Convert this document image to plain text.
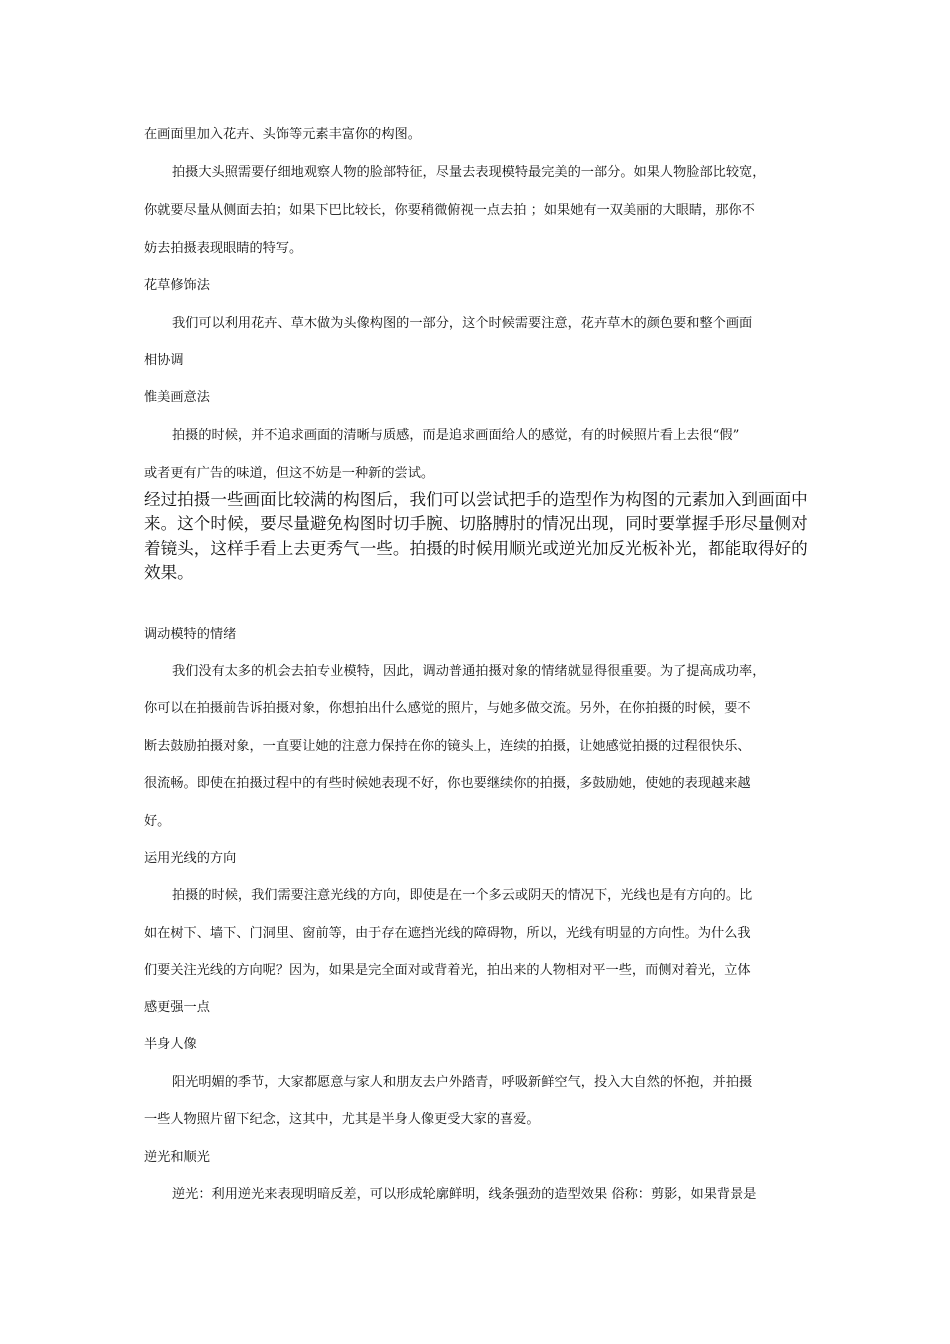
在画面里加入花卉、头饰等元素丰富你的构图。
拍摄大头照需要仔细地观察人物的脸部特征，尽量去表现模特最完美的一部分。如果人物脸部比较宽，
你就要尽量从侧面去拍；如果下巴比较长，你要稍微俯视一点去拍 ；如果她有一双美丽的大眼睛，那你不
妨去拍摄表现眼睛的特写。
花草修饰法
我们可以利用花卉、草木做为头像构图的一部分，这个时候需要注意，花卉草木的颜色要和整个画面
相协调
惟美画意法
拍摄的时候，并不追求画面的清晰与质感，而是追求画面给人的感觉，有的时候照片看上去很“假”
或者更有广告的味道，但这不妨是一种新的尝试。
经过拍摄一些画面比较满的构图后，我们可以尝试把手的造型作为构图的元素加入到画面中
来。这个时候，要尽量避免构图时切手腕、切胳膊肘的情况出现，同时要掌握手形尽量侧对
着镜头，这样手看上去更秀气一些。拍摄的时候用顺光或逆光加反光板补光，都能取得好的
效果。
调动模特的情绪
我们没有太多的机会去拍专业模特，因此，调动普通拍摄对象的情绪就显得很重要。为了提高成功率，
你可以在拍摄前告诉拍摄对象，你想拍出什么感觉的照片，与她多做交流。另外，在你拍摄的时候，要不
断去鼓励拍摄对象，一直要让她的注意力保持在你的镜头上，连续的拍摄，让她感觉拍摄的过程很快乐、
很流畅。即使在拍摄过程中的有些时候她表现不好，你也要继续你的拍摄，多鼓励她，使她的表现越来越
好。
运用光线的方向
拍摄的时候，我们需要注意光线的方向，即使是在一个多云或阴天的情况下，光线也是有方向的。比
如在树下、墙下、门洞里、窗前等，由于存在遮挡光线的障碍物，所以，光线有明显的方向性。为什么我
们要关注光线的方向呢？因为，如果是完全面对或背着光，拍出来的人物相对平一些，而侧对着光，立体
感更强一点
半身人像
阳光明媚的季节，大家都愿意与家人和朋友去户外踏青，呼吸新鲜空气，投入大自然的怀抱，并拍摄
一些人物照片留下纪念，这其中，尤其是半身人像更受大家的喜爱。
逆光和顺光
逆光：利用逆光来表现明暗反差，可以形成轮廓鲜明，线条强劲的造型效果 俗称：剪影，如果背景是
